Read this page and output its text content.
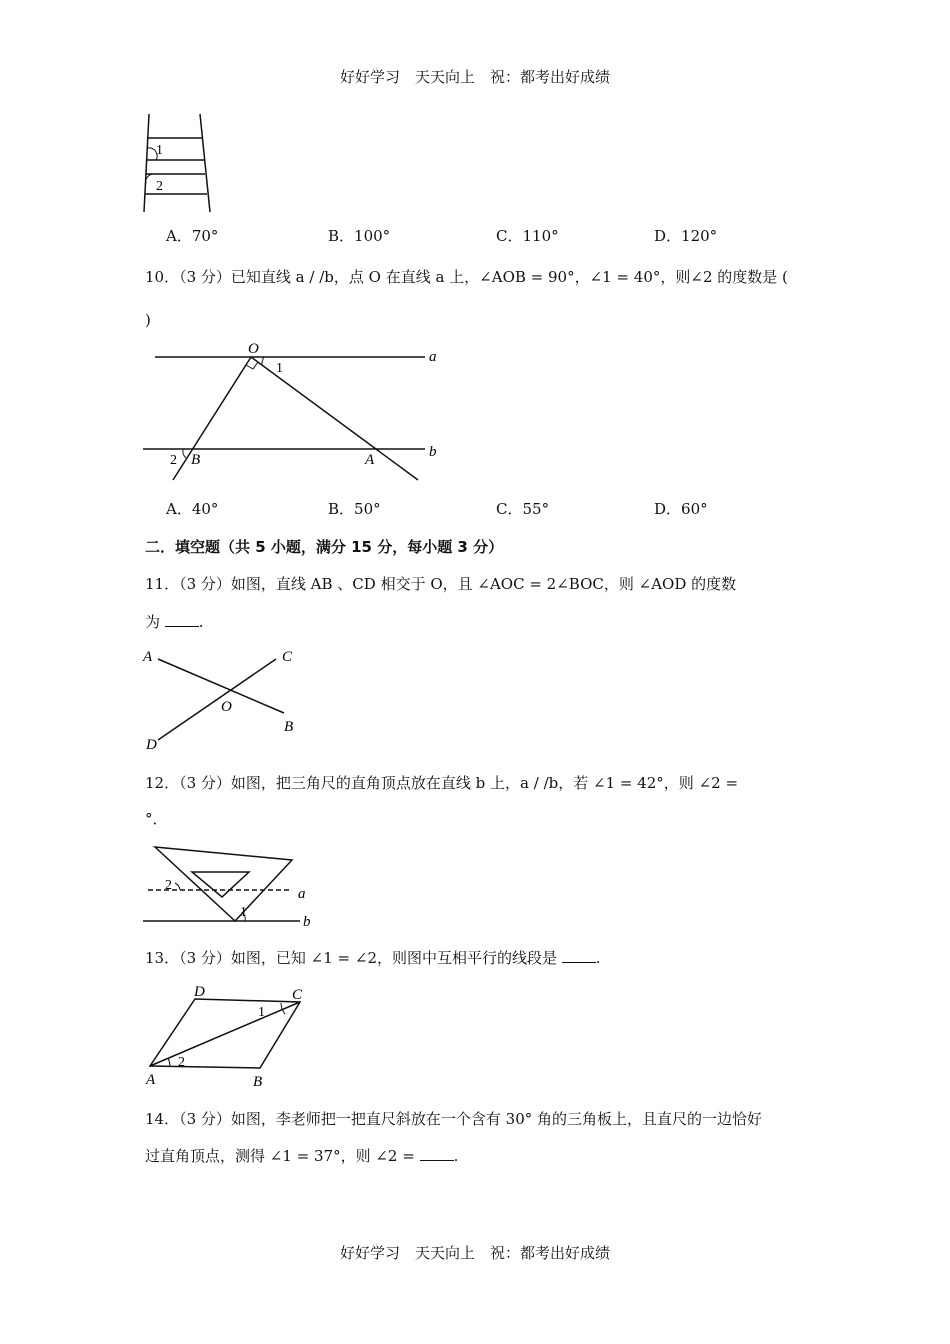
好好学习　天天向上　祝：都考出好成绩
1
2
A．70°	B．100°	C．110°	D．120°
10．（3 分）已知直线 a / /b，点 O 在直线 a 上，∠AOB = 90°，∠1 = 40°，则∠2 的度数是 (
)
O
1
a
2 B	A	b
A．40°	B．50°	C．55°	D．60°
二．填空题（共 5 小题，满分 15 分，每小题 3 分）
11．（3 分）如图，直线 AB 、CD 相交于 O，且 ∠AOC = 2∠BOC，则 ∠AOD 的度数
为	.
A	C
O
B
D
12．（3 分）如图，把三角尺的直角顶点放在直线 b 上，a / /b，若 ∠1 = 42°，则 ∠2 =
°．
2
1
a
b
13．（3 分）如图，已知 ∠1 = ∠2，则图中互相平行的线段是	.
D	C
1
2
A	B
14．（3 分）如图，李老师把一把直尺斜放在一个含有 30° 角的三角板上，且直尺的一边恰好
过直角顶点，测得 ∠1 = 37°，则 ∠2 =	.
好好学习　天天向上　祝：都考出好成绩
